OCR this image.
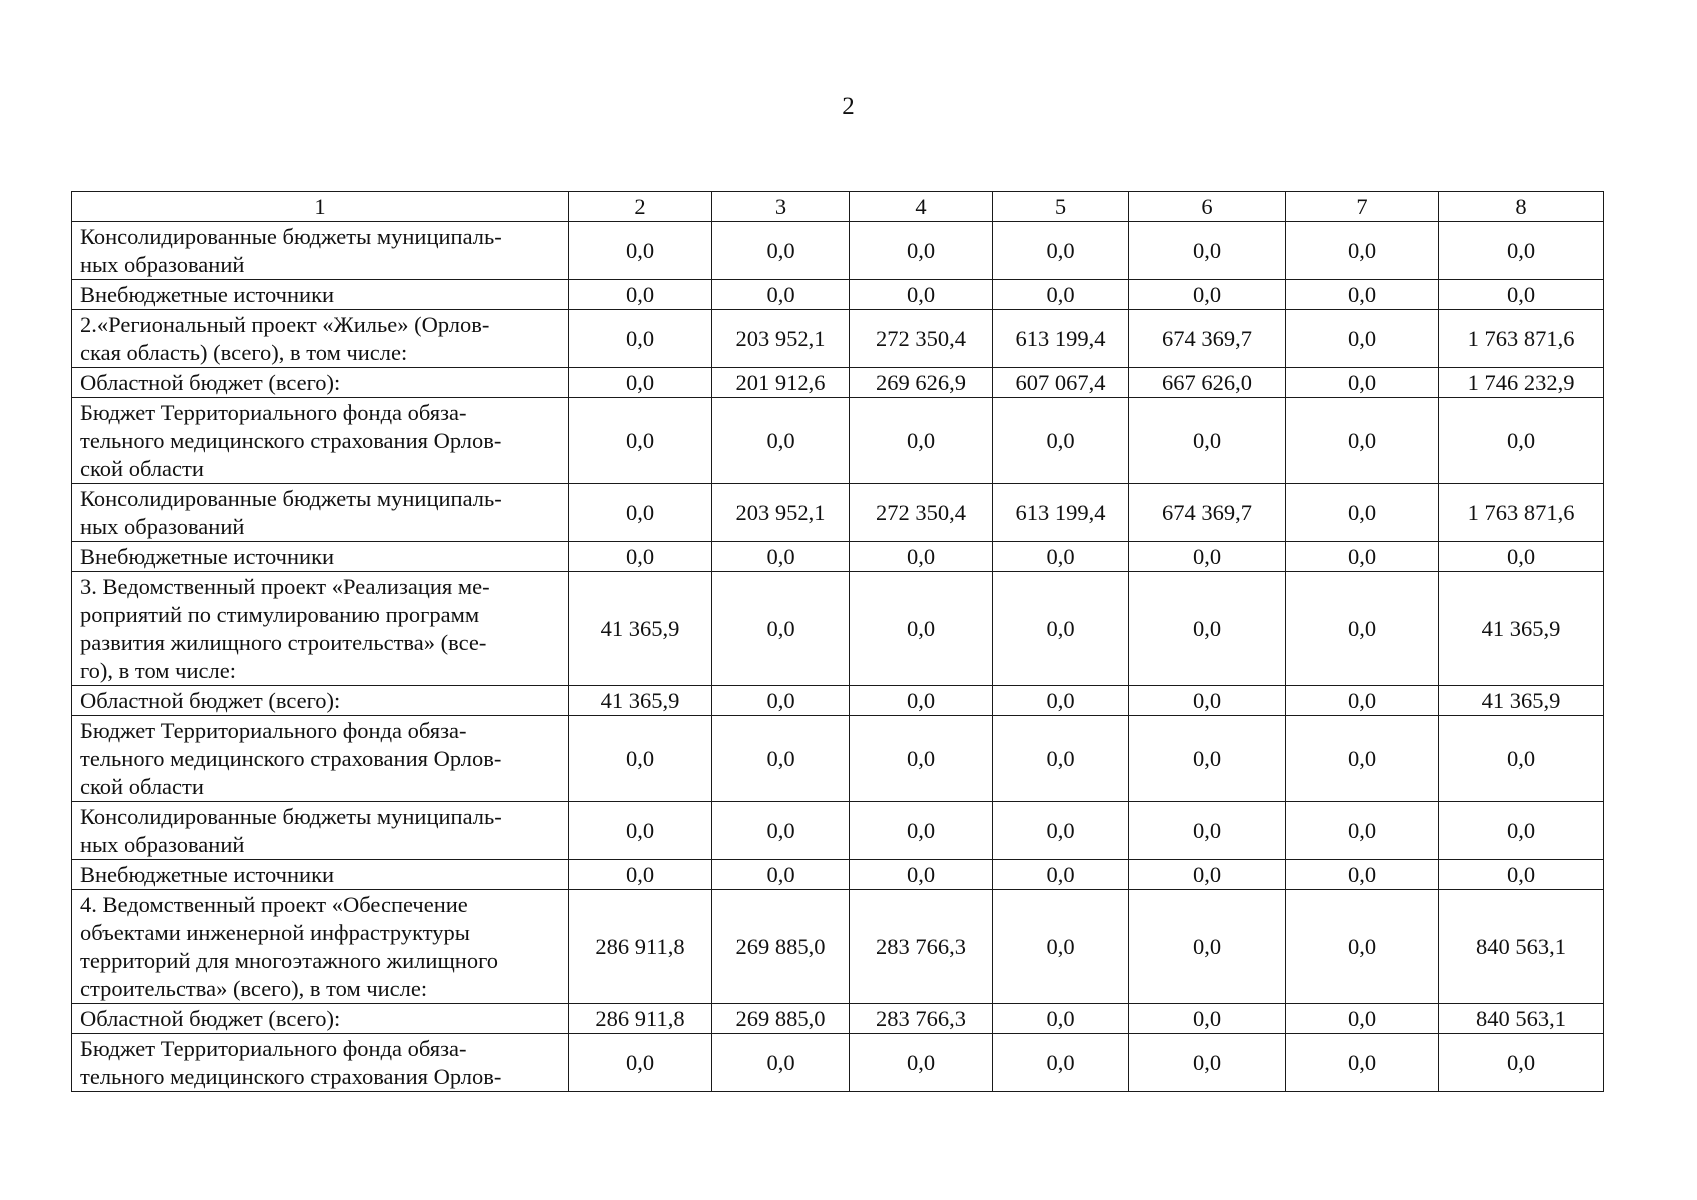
2
1	2	3	4	5	6	7	8

Консолидированные бюджеты муниципаль-
ных образований	0,0	0,0	0,0	0,0	0,0	0,0	0,0

Внебюджетные источники	0,0	0,0	0,0	0,0	0,0	0,0	0,0

2.«Региональный проект «Жилье» (Орлов-
ская область) (всего), в том числе:	0,0	203 952,1	272 350,4	613 199,4	674 369,7	0,0	1 763 871,6

Областной бюджет (всего):	0,0	201 912,6	269 626,9	607 067,4	667 626,0	0,0	1 746 232,9

Бюджет Территориального фонда обяза-
тельного медицинского страхования Орлов-
ской области	0,0	0,0	0,0	0,0	0,0	0,0	0,0

Консолидированные бюджеты муниципаль-
ных образований	0,0	203 952,1	272 350,4	613 199,4	674 369,7	0,0	1 763 871,6

Внебюджетные источники	0,0	0,0	0,0	0,0	0,0	0,0	0,0

3. Ведомственный проект «Реализация ме-
роприятий по стимулированию программ
развития жилищного строительства» (все-
го), в том числе:	41 365,9	0,0	0,0	0,0	0,0	0,0	41 365,9

Областной бюджет (всего):	41 365,9	0,0	0,0	0,0	0,0	0,0	41 365,9

Бюджет Территориального фонда обяза-
тельного медицинского страхования Орлов-
ской области	0,0	0,0	0,0	0,0	0,0	0,0	0,0

Консолидированные бюджеты муниципаль-
ных образований	0,0	0,0	0,0	0,0	0,0	0,0	0,0

Внебюджетные источники	0,0	0,0	0,0	0,0	0,0	0,0	0,0

4. Ведомственный проект «Обеспечение
объектами инженерной инфраструктуры
территорий для многоэтажного жилищного
строительства» (всего), в том числе:	286 911,8	269 885,0	283 766,3	0,0	0,0	0,0	840 563,1

Областной бюджет (всего):	286 911,8	269 885,0	283 766,3	0,0	0,0	0,0	840 563,1

Бюджет Территориального фонда обяза-
тельного медицинского страхования Орлов-	0,0	0,0	0,0	0,0	0,0	0,0	0,0
